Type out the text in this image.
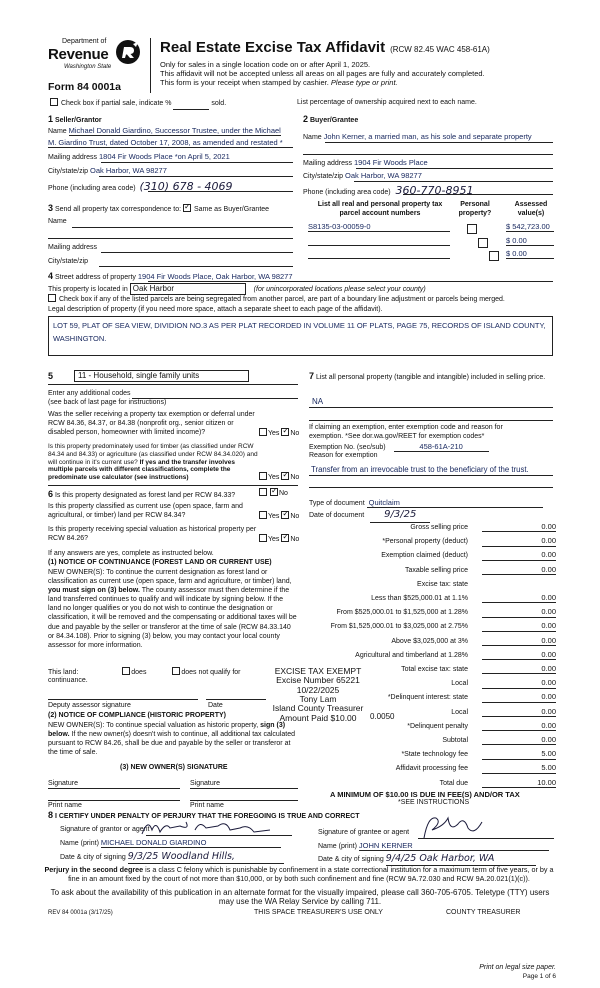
Department of
Revenue
Washington State
Form 84 0001a
Real Estate Excise Tax Affidavit (RCW 82.45 WAC 458-61A)
Only for sales in a single location code on or after April 1, 2025.
This affidavit will not be accepted unless all areas on all pages are fully and accurately completed.
This form is your receipt when stamped by cashier. Please type or print.
Check box if partial sale, indicate %	sold.	List percentage of ownership acquired next to each name.
1 Seller/Grantor
Name Michael Donald Giardino, Successor Trustee, under the Michael
M. Giardino Trust, dated October 17, 2008, as amended and restated *
Mailing address 1804 Fir Woods Place *on April 5, 2021
City/state/zip Oak Harbor, WA 98277
Phone (including area code) (310) 678 - 4069
2 Buyer/Grantee
Name John Kerner, a married man, as his sole and separate property
Mailing address 1904 Fir Woods Place
City/state/zip Oak Harbor, WA 98277
Phone (including area code) 360-770-8951
3 Send all property tax correspondence to: ✓ Same as Buyer/Grantee
Name
Mailing address
City/state/zip
List all real and personal property tax parcel account numbers
Personal property?
Assessed value(s)
S8135-03-00059-0	$ 542,723.00
$ 0.00
$ 0.00
4 Street address of property 1904 Fir Woods Place, Oak Harbor, WA 98277
This property is located in Oak Harbor	(for unincorporated locations please select your county)
Check box if any of the listed parcels are being segregated from another parcel, are part of a boundary line adjustment or parcels being merged.
Legal description of property (if you need more space, attach a separate sheet to each page of the affidavit).
LOT 59, PLAT OF SEA VIEW, DIVIDION NO.3 AS PER PLAT RECORDED IN VOLUME 11 OF PLATS, PAGE 75, RECORDS OF ISLAND COUNTY, WASHINGTON.
5	11 - Household, single family units
Enter any additional codes
(see back of last page for instructions)
Was the seller receiving a property tax exemption or deferral under RCW 84.36, 84.37, or 84.38 (nonprofit org., senior citizen or disabled person, homeowner with limited income)?	Yes ✓ No
Is this property predominately used for timber (as classified under RCW 84.34 and 84.33) or agriculture (as classified under RCW 84.34.020) and will continue in it's current use? If yes and the transfer involves multiple parcels with different classifications, complete the predominate use calculator (see instructions)	Yes ✓ No
6 Is this property designated as forest land per RCW 84.33? ✓	No
Is this property classified as current use (open space, farm and agricultural, or timber) land per RCW 84.34?	Yes ✓ No
Is this property receiving special valuation as historical property per RCW 84.26?	Yes ✓ No
If any answers are yes, complete as instructed below.
(1) NOTICE OF CONTINUANCE (FOREST LAND OR CURRENT USE)
NEW OWNER(S): To continue the current designation as forest land or classification as current use (open space, farm and agriculture, or timber) land, you must sign on (3) below. The county assessor must then determine if the land transferred continues to qualify and will indicate by signing below. If the land no longer qualifies or you do not wish to continue the designation or classification, it will be removed and the compensating or additional taxes will be due and payable by the seller or transferor at the time of sale (RCW 84.33.140 or 84.34.108). Prior to signing (3) below, you may contact your local county assessor for more information.
This land:	does	does not qualify for
continuance.
Deputy assessor signature	Date
(2) NOTICE OF COMPLIANCE (HISTORIC PROPERTY)
NEW OWNER(S): To continue special valuation as historic property, sign (3) below. If the new owner(s) doesn't wish to continue, all additional tax calculated pursuant to RCW 84.26, shall be due and payable by the seller or transferor at the time of sale.
(3) NEW OWNER(S) SIGNATURE
Signature	Signature
Print name	Print name
7 List all personal property (tangible and intangible) included in selling price.
NA
If claiming an exemption, enter exemption code and reason for exemption. *See dor.wa.gov/REET for exemption codes*
Exemption No. (sec/sub)	458-61A-210
Reason for exemption
Transfer from an irrevocable trust to the beneficiary of the trust.
Type of document Quitclaim
Date of document 9/3/25
Gross selling price	0.00
*Personal property (deduct)	0.00
Exemption claimed (deduct)	0.00
Taxable selling price	0.00
Excise tax: state
Less than $525,000.01 at 1.1%	0.00
From $525,000.01 to $1,525,000 at 1.28%	0.00
From $1,525,000.01 to $3,025,000 at 2.75%	0.00
Above $3,025,000 at 3%	0.00
Agricultural and timberland at 1.28%	0.00
Total excise tax: state	0.00
Local	0.00
*Delinquent interest: state	0.00
Local	0.00
*Delinquent penalty	0.00
Subtotal	0.00
*State technology fee	5.00
Affidavit processing fee	5.00
Total due	10.00
0.0050
EXCISE TAX EXEMPT
Excise Number 65221
10/22/2025
Tony Lam
Island County Treasurer
Amount Paid $10.00
A MINIMUM OF $10.00 IS DUE IN FEE(S) AND/OR TAX
*SEE INSTRUCTIONS
8 I CERTIFY UNDER PENALTY OF PERJURY THAT THE FOREGOING IS TRUE AND CORRECT
Signature of grantor or agent
Name (print) MICHAEL DONALD GIARDINO
Date & city of signing 9/3/25 Woodland Hills,
Signature of grantee or agent
Name (print) JOHN KERNER
Date & city of signing 9/4/25 Oak Harbor, WA
Perjury in the second degree is a class C felony which is punishable by confinement in a state correctional institution for a maximum term of five years, or by a fine in an amount fixed by the court of not more than $10,000, or by both such confinement and fine (RCW 9A.72.030 and RCW 9A.20.021(1)(c)).
To ask about the availability of this publication in an alternate format for the visually impaired, please call 360-705-6705. Teletype (TTY) users may use the WA Relay Service by calling 711.
REV 84 0001a (3/17/25)	THIS SPACE TREASURER'S USE ONLY	COUNTY TREASURER
Print on legal size paper.
Page 1 of 6
